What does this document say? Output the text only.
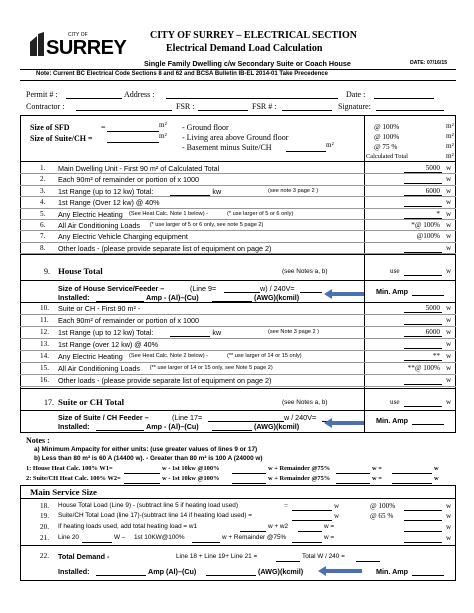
CITY OF
SURREY
CITY OF SURREY – ELECTRICAL SECTION
Electrical Demand Load Calculation
Single Family Dwelling c/w Secondary Suite or Coach House	DATE: 07/16/15
Note: Current BC Electrical Code Sections 8 and 62 and BCSA Bulletin IB-EL 2014-01 Take Precedence
Permit # :	Address :	Date :
Contractor :	FSR :	FSR # :	Signature:
Size of SFD	=	m²
Size of Suite/CH =	m²
- Ground floor
- Living area above Ground floor
- Basement minus Suite/CH	m²
@ 100%	m²
@ 100%	m²
@ 75 %	m²
Calculated Total	m²
1. Main Dwelling Unit - First 90 m² of Calculated Total	5000 w
2. Each 90m² of remainder or portion of x 1000	w
3. 1st Range (up to 12 kw) Total:	kw	(see note 3 page 2 )	6000 w
4. 1st Range (Over 12 kw) @ 40%	w
5. Any Electric Heating (See Heat Calc. Note 1 below) -	(* use larger of 5 or 6 only)	* w
6. All Air Conditioning Loads (* use larger of 5 or 6 only, see note 5 page 2)	*@ 100% w
7. Any Electric Vehicle Charging equipment	@100% w
8. Other loads - (please provide separate list of equipment on page 2)	w
9. House Total	(see Notes a, b)	use	w
Size of House Service/Feeder –	(Line 9=	w) / 240V=
Installed:	Amp - (Al)–(Cu)	(AWG)(kcmil)
Min. Amp
10. Suite or CH - First 90 m² -	5000 w
11. Each 90m² of remainder or portion of x 1000	w
12. 1st Range (up to 12 kw) Total:	kw	(see Note 3 page 2 )	6000 w
13. 1st Range (over 12 kw) @ 40%	w
14. Any Electric Heating (See Heat Calc. Note 2 below) -	(** use larger of 14 or 15 only)	** w
15. All Air Conditioning Loads (** use larger of 14 or 15 only, see Note 5 page 2)	**@ 100% w
16. Other loads - (please provide separate list of equipment on page 2)	w
17. Suite or CH Total	(see Notes a, b)	use	w
Size of Suite / CH Feeder –	(Line 17=	w / 240V=
Installed:	Amp - (Al)–(Cu)	(AWG)(kcmil)
Min. Amp
Notes :
a) Minimum Ampacity for either units: (use greater values of lines 9 or 17)
b) Less than 80 m² is 60 A (14400 w). - Greater than 80 m² is 100 A (24000 w)
1: House Heat Calc. 100% W1=	w - 1st 10kw @100%	w + Remainder @75%	w =	w
2: Suite/CH Heat Calc. 100% W2=	w - 1st 10kw @100%	w + Remainder @75%	w =	w
Main Service Size
18. House Total Load (Line 9) - (subtract line 5 if heating load used)	=	w	@ 100%	w
19. Suite/CH Total Load (line 17)-(subtract line 14 if heating load used) =	w	@ 65 %	w
20. If heating loads used, add total heating load = w1	w + w2	w =	w
21. Line 20	W – 1st 10KW@100%	w + Remainder @75%	w =	w
22. Total Demand -	Line 18 + Line 19+ Line 21 =	Total W / 240 =
Installed:	Amp (Al)–(Cu)	(AWG)(kcmil)	Min. Amp
